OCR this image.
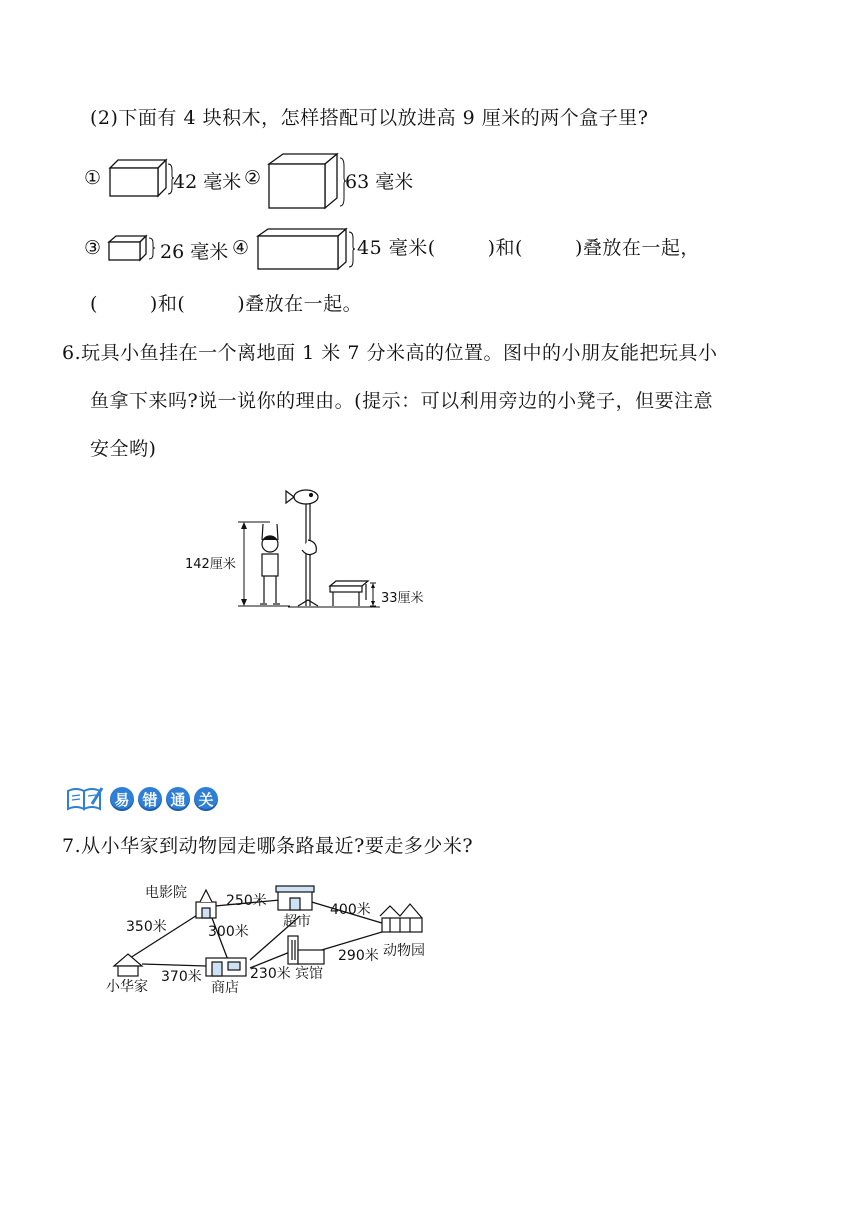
(2)下面有 4 块积木，怎样搭配可以放进高 9 厘米的两个盒子里?
①	42 毫米 ②	63 毫米
③	26 毫米 ④	45 毫米(	)和(	)叠放在一起，
(	)和(	)叠放在一起。
6.玩具小鱼挂在一个离地面 1 米 7 分米高的位置。图中的小朋友能把玩具小
鱼拿下来吗?说一说你的理由。(提示：可以利用旁边的小凳子，但要注意
安全哟)
142厘米
33厘米
易 错 通 关
7.从小华家到动物园走哪条路最近?要走多少米?
电影院
超市
动物园
小华家	商店
宾馆
350米
250米
400米
300米
370米	230米
290米
